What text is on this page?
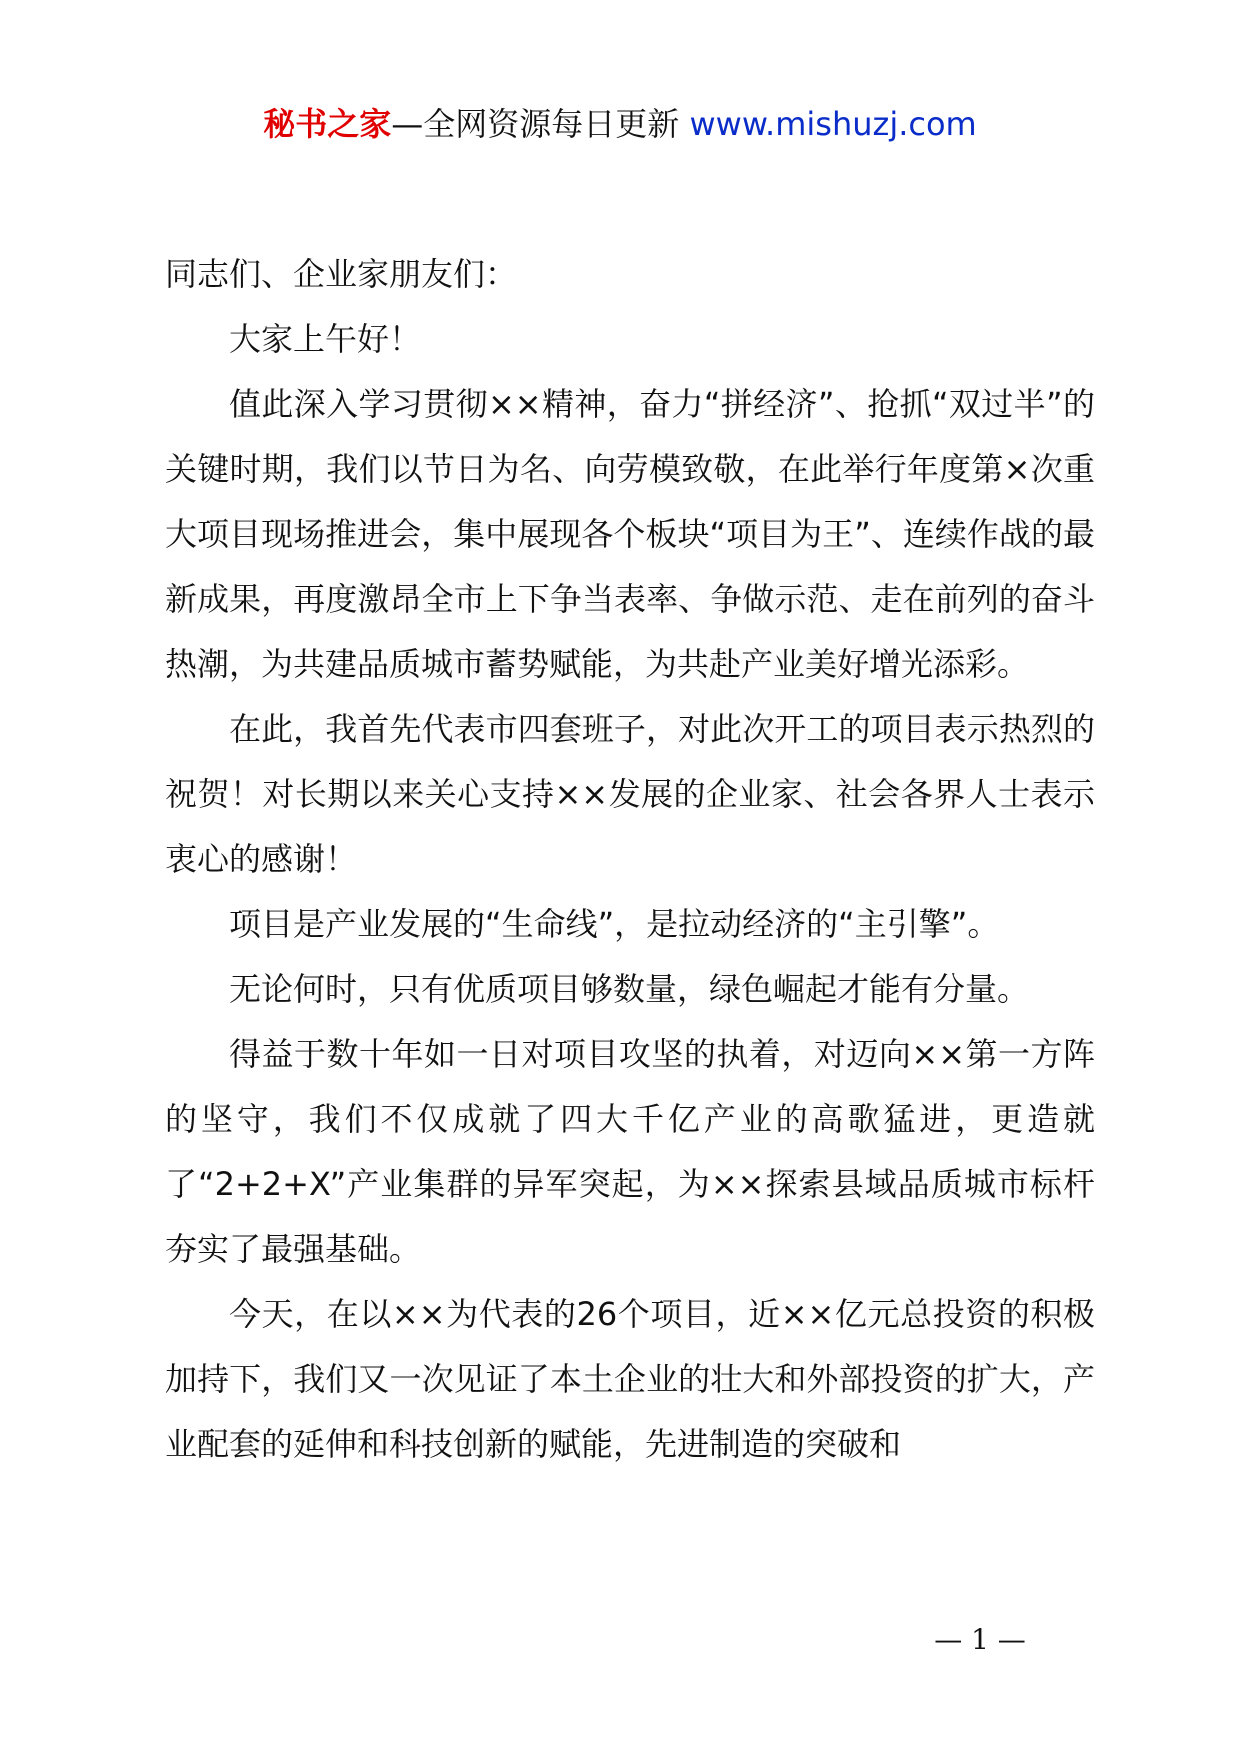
秘书之家—全网资源每日更新 www.mishuzj.com

同志们、企业家朋友们：

大家上午好！

值此深入学习贯彻××精神，奋力“拼经济”、抢抓“双过半”的关键时期，我们以节日为名、向劳模致敬，在此举行年度第×次重大项目现场推进会，集中展现各个板块“项目为王”、连续作战的最新成果，再度激昂全市上下争当表率、争做示范、走在前列的奋斗热潮，为共建品质城市蓄势赋能，为共赴产业美好增光添彩。

在此，我首先代表市四套班子，对此次开工的项目表示热烈的祝贺！对长期以来关心支持××发展的企业家、社会各界人士表示衷心的感谢！

项目是产业发展的“生命线”，是拉动经济的“主引擎”。

无论何时，只有优质项目够数量，绿色崛起才能有分量。

得益于数十年如一日对项目攻坚的执着，对迈向××第一方阵的坚守，我们不仅成就了四大千亿产业的高歌猛进，更造就了“2+2+X”产业集群的异军突起，为××探索县域品质城市标杆夯实了最强基础。

今天，在以××为代表的26个项目，近××亿元总投资的积极加持下，我们又一次见证了本土企业的壮大和外部投资的扩大，产业配套的延伸和科技创新的赋能，先进制造的突破和

— 1 —
